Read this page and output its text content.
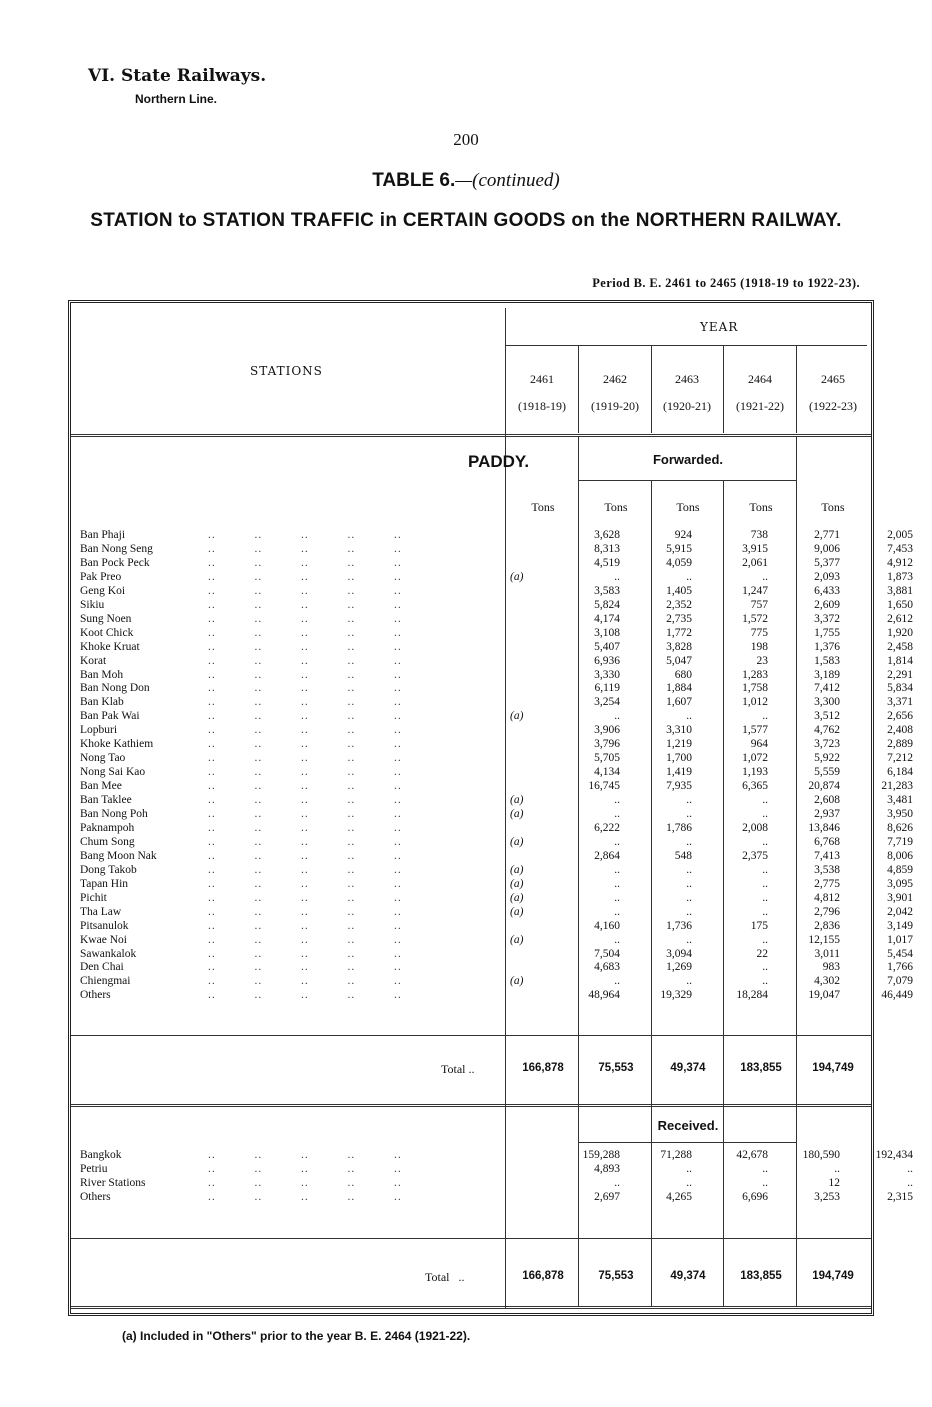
VI. State Railways.
Northern Line.
200
TABLE 6.—(continued)
STATION to STATION TRAFFIC in CERTAIN GOODS on the NORTHERN RAILWAY.
Period B. E. 2461 to 2465 (1918-19 to 1922-23).
STATIONS
YEAR
2461
(1918-19)
2462
(1919-20)
2463
(1920-21)
2464
(1921-22)
2465
(1922-23)
PADDY.	Forwarded.
Tons	Tons	Tons	Tons	Tons
Ban Phaji	..          ..          ..          ..          ..	3,628	924	738	2,771	2,005
Ban Nong Seng	..          ..          ..          ..          ..	8,313	5,915	3,915	9,006	7,453
Ban Pock Peck	..          ..          ..          ..          ..	4,519	4,059	2,061	5,377	4,912
Pak Preo	..          ..          ..          ..          ..	(a)	..	..	..	2,093	1,873
Geng Koi	..          ..          ..          ..          ..	3,583	1,405	1,247	6,433	3,881
Sikiu	..          ..          ..          ..          ..	5,824	2,352	757	2,609	1,650
Sung Noen	..          ..          ..          ..          ..	4,174	2,735	1,572	3,372	2,612
Koot Chick	..          ..          ..          ..          ..	3,108	1,772	775	1,755	1,920
Khoke Kruat	..          ..          ..          ..          ..	5,407	3,828	198	1,376	2,458
Korat	..          ..          ..          ..          ..	6,936	5,047	23	1,583	1,814
Ban Moh	..          ..          ..          ..          ..	3,330	680	1,283	3,189	2,291
Ban Nong Don	..          ..          ..          ..          ..	6,119	1,884	1,758	7,412	5,834
Ban Klab	..          ..          ..          ..          ..	3,254	1,607	1,012	3,300	3,371
Ban Pak Wai	..          ..          ..          ..          ..	(a)	..	..	..	3,512	2,656
Lopburi	..          ..          ..          ..          ..	3,906	3,310	1,577	4,762	2,408
Khoke Kathiem	..          ..          ..          ..          ..	3,796	1,219	964	3,723	2,889
Nong Tao	..          ..          ..          ..          ..	5,705	1,700	1,072	5,922	7,212
Nong Sai Kao	..          ..          ..          ..          ..	4,134	1,419	1,193	5,559	6,184
Ban Mee	..          ..          ..          ..          ..	16,745	7,935	6,365	20,874	21,283
Ban Taklee	..          ..          ..          ..          ..	(a)	..	..	..	2,608	3,481
Ban Nong Poh	..          ..          ..          ..          ..	(a)	..	..	..	2,937	3,950
Paknampoh	..          ..          ..          ..          ..	6,222	1,786	2,008	13,846	8,626
Chum Song	..          ..          ..          ..          ..	(a)	..	..	..	6,768	7,719
Bang Moon Nak	..          ..          ..          ..          ..	2,864	548	2,375	7,413	8,006
Dong Takob	..          ..          ..          ..          ..	(a)	..	..	..	3,538	4,859
Tapan Hin	..          ..          ..          ..          ..	(a)	..	..	..	2,775	3,095
Pichit	..          ..          ..          ..          ..	(a)	..	..	..	4,812	3,901
Tha Law	..          ..          ..          ..          ..	(a)	..	..	..	2,796	2,042
Pitsanulok	..          ..          ..          ..          ..	4,160	1,736	175	2,836	3,149
Kwae Noi	..          ..          ..          ..          ..	(a)	..	..	..	12,155	1,017
Sawankalok	..          ..          ..          ..          ..	7,504	3,094	22	3,011	5,454
Den Chai	..          ..          ..          ..          ..	4,683	1,269	..	983	1,766
Chiengmai	..          ..          ..          ..          ..	(a)	..	..	..	4,302	7,079
Others	..          ..          ..          ..          ..	48,964	19,329	18,284	19,047	46,449
Total ..	166,878	75,553	49,374	183,855	194,749
Received.
Bangkok	..          ..          ..          ..          ..	159,288	71,288	42,678	180,590	192,434
Petriu	..          ..          ..          ..          ..	4,893	..	..	..	..
River Stations	..          ..          ..          ..          ..	..	..	..	12	..
Others	..          ..          ..          ..          ..	2,697	4,265	6,696	3,253	2,315
Total   ..	166,878	75,553	49,374	183,855	194,749
(a) Included in "Others" prior to the year B. E. 2464 (1921-22).
